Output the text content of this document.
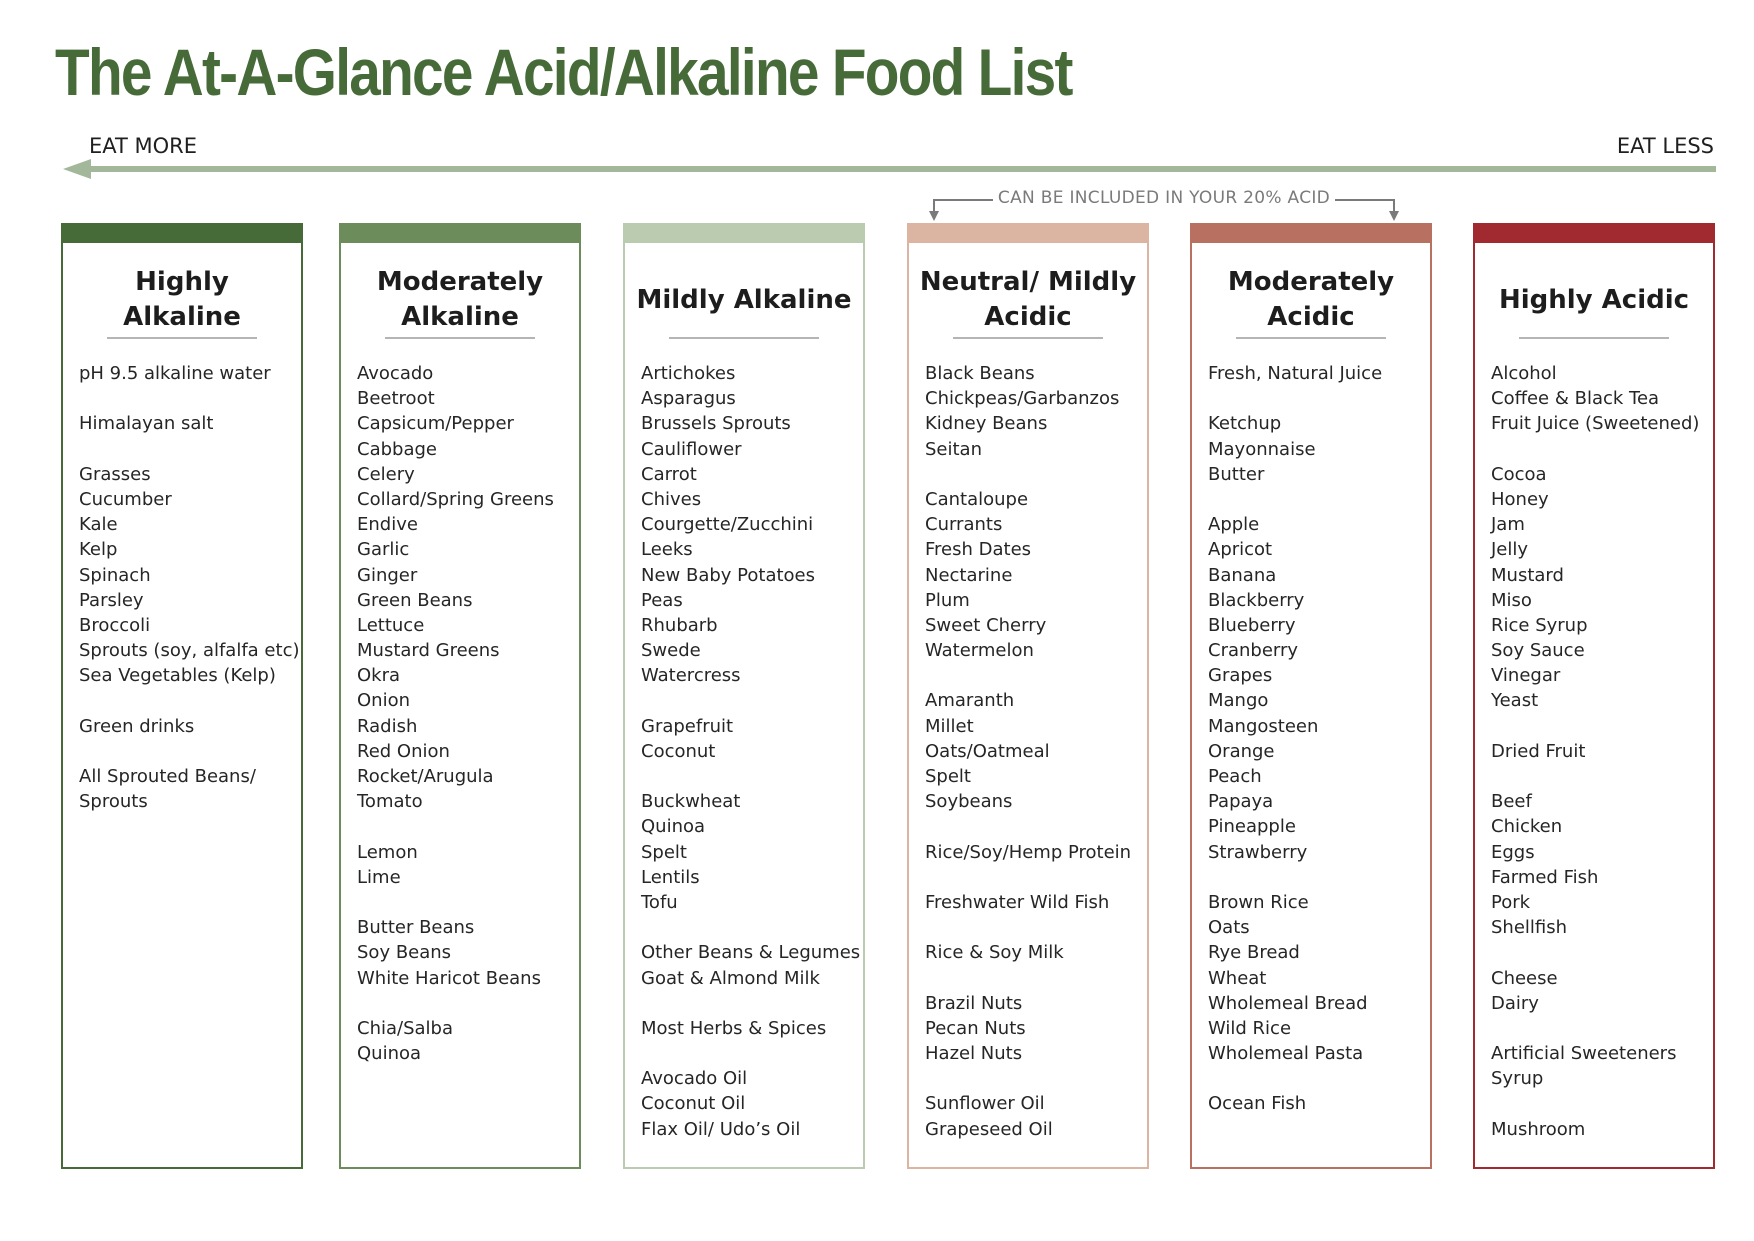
The At-A-Glance Acid/Alkaline Food List
EAT MORE	EAT LESS
CAN BE INCLUDED IN YOUR 20% ACID
Highly Alkaline
pH 9.5 alkaline water
Himalayan salt
Grasses
Cucumber
Kale
Kelp
Spinach
Parsley
Broccoli
Sprouts (soy, alfalfa etc)
Sea Vegetables (Kelp)
Green drinks
All Sprouted Beans/
Sprouts
Moderately Alkaline
Avocado
Beetroot
Capsicum/Pepper
Cabbage
Celery
Collard/Spring Greens
Endive
Garlic
Ginger
Green Beans
Lettuce
Mustard Greens
Okra
Onion
Radish
Red Onion
Rocket/Arugula
Tomato
Lemon
Lime
Butter Beans
Soy Beans
White Haricot Beans
Chia/Salba
Quinoa
Mildly Alkaline
Artichokes
Asparagus
Brussels Sprouts
Cauliflower
Carrot
Chives
Courgette/Zucchini
Leeks
New Baby Potatoes
Peas
Rhubarb
Swede
Watercress
Grapefruit
Coconut
Buckwheat
Quinoa
Spelt
Lentils
Tofu
Other Beans & Legumes
Goat & Almond Milk
Most Herbs & Spices
Avocado Oil
Coconut Oil
Flax Oil/ Udo’s Oil
Neutral/ Mildly Acidic
Black Beans
Chickpeas/Garbanzos
Kidney Beans
Seitan
Cantaloupe
Currants
Fresh Dates
Nectarine
Plum
Sweet Cherry
Watermelon
Amaranth
Millet
Oats/Oatmeal
Spelt
Soybeans
Rice/Soy/Hemp Protein
Freshwater Wild Fish
Rice & Soy Milk
Brazil Nuts
Pecan Nuts
Hazel Nuts
Sunflower Oil
Grapeseed Oil
Moderately Acidic
Fresh, Natural Juice
Ketchup
Mayonnaise
Butter
Apple
Apricot
Banana
Blackberry
Blueberry
Cranberry
Grapes
Mango
Mangosteen
Orange
Peach
Papaya
Pineapple
Strawberry
Brown Rice
Oats
Rye Bread
Wheat
Wholemeal Bread
Wild Rice
Wholemeal Pasta
Ocean Fish
Highly Acidic
Alcohol
Coffee & Black Tea
Fruit Juice (Sweetened)
Cocoa
Honey
Jam
Jelly
Mustard
Miso
Rice Syrup
Soy Sauce
Vinegar
Yeast
Dried Fruit
Beef
Chicken
Eggs
Farmed Fish
Pork
Shellfish
Cheese
Dairy
Artificial Sweeteners
Syrup
Mushroom
